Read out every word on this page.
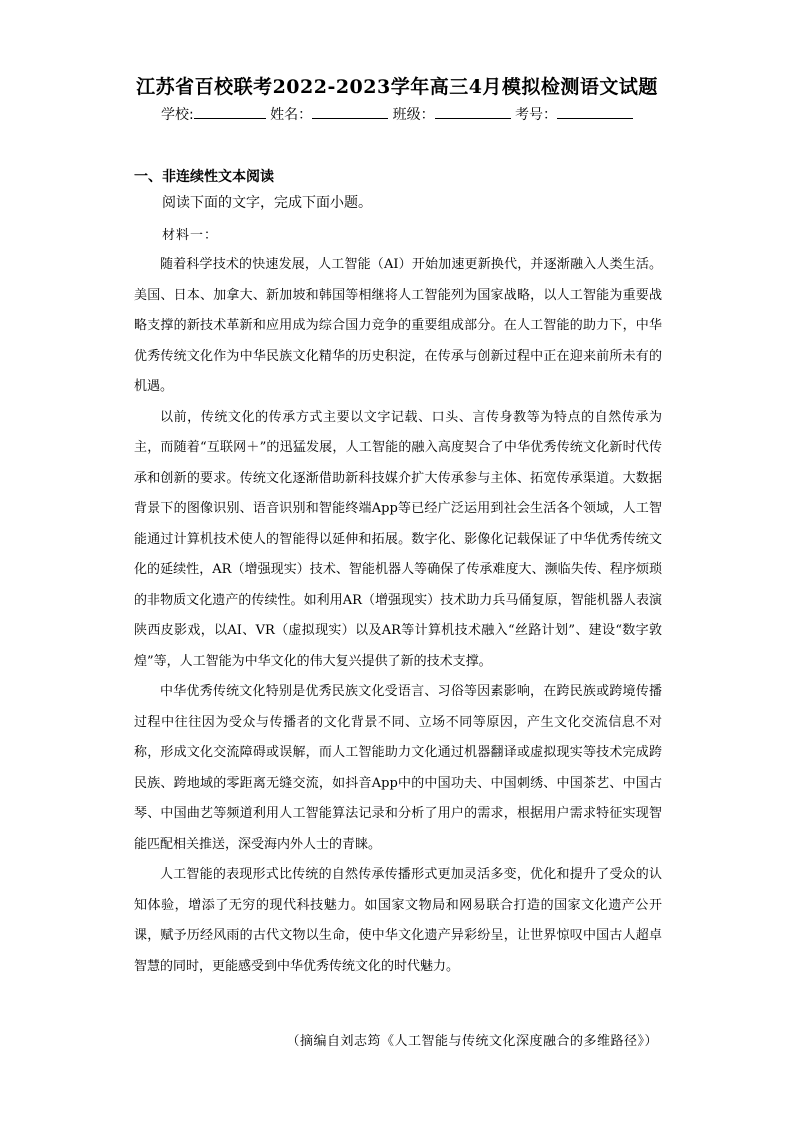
江苏省百校联考2022-2023学年高三4月模拟检测语文试题
学校:	姓名：	班级：	考号：
一、非连续性文本阅读
阅读下面的文字，完成下面小题。
材料一：

随着科学技术的快速发展，人工智能（AI）开始加速更新换代，并逐渐融入人类生活。美国、日本、加拿大、新加坡和韩国等相继将人工智能列为国家战略，以人工智能为重要战略支撑的新技术革新和应用成为综合国力竞争的重要组成部分。在人工智能的助力下，中华优秀传统文化作为中华民族文化精华的历史积淀，在传承与创新过程中正在迎来前所未有的机遇。

以前，传统文化的传承方式主要以文字记载、口头、言传身教等为特点的自然传承为主，而随着“互联网＋”的迅猛发展，人工智能的融入高度契合了中华优秀传统文化新时代传承和创新的要求。传统文化逐渐借助新科技媒介扩大传承参与主体、拓宽传承渠道。大数据背景下的图像识别、语音识别和智能终端App等已经广泛运用到社会生活各个领域，人工智能通过计算机技术使人的智能得以延伸和拓展。数字化、影像化记载保证了中华优秀传统文化的延续性，AR（增强现实）技术、智能机器人等确保了传承难度大、濒临失传、程序烦琐的非物质文化遗产的传续性。如利用AR（增强现实）技术助力兵马俑复原，智能机器人表演陕西皮影戏，以AI、VR（虚拟现实）以及AR等计算机技术融入“丝路计划”、建设“数字敦煌”等，人工智能为中华文化的伟大复兴提供了新的技术支撑。

中华优秀传统文化特别是优秀民族文化受语言、习俗等因素影响，在跨民族或跨境传播过程中往往因为受众与传播者的文化背景不同、立场不同等原因，产生文化交流信息不对称，形成文化交流障碍或误解，而人工智能助力文化通过机器翻译或虚拟现实等技术完成跨民族、跨地域的零距离无缝交流，如抖音App中的中国功夫、中国刺绣、中国茶艺、中国古琴、中国曲艺等频道利用人工智能算法记录和分析了用户的需求，根据用户需求特征实现智能匹配相关推送，深受海内外人士的青睐。

人工智能的表现形式比传统的自然传承传播形式更加灵活多变，优化和提升了受众的认知体验，增添了无穷的现代科技魅力。如国家文物局和网易联合打造的国家文化遗产公开课，赋予历经风雨的古代文物以生命，使中华文化遗产异彩纷呈，让世界惊叹中国古人超卓智慧的同时，更能感受到中华优秀传统文化的时代魅力。

（摘编自刘志筠《人工智能与传统文化深度融合的多维路径》）
